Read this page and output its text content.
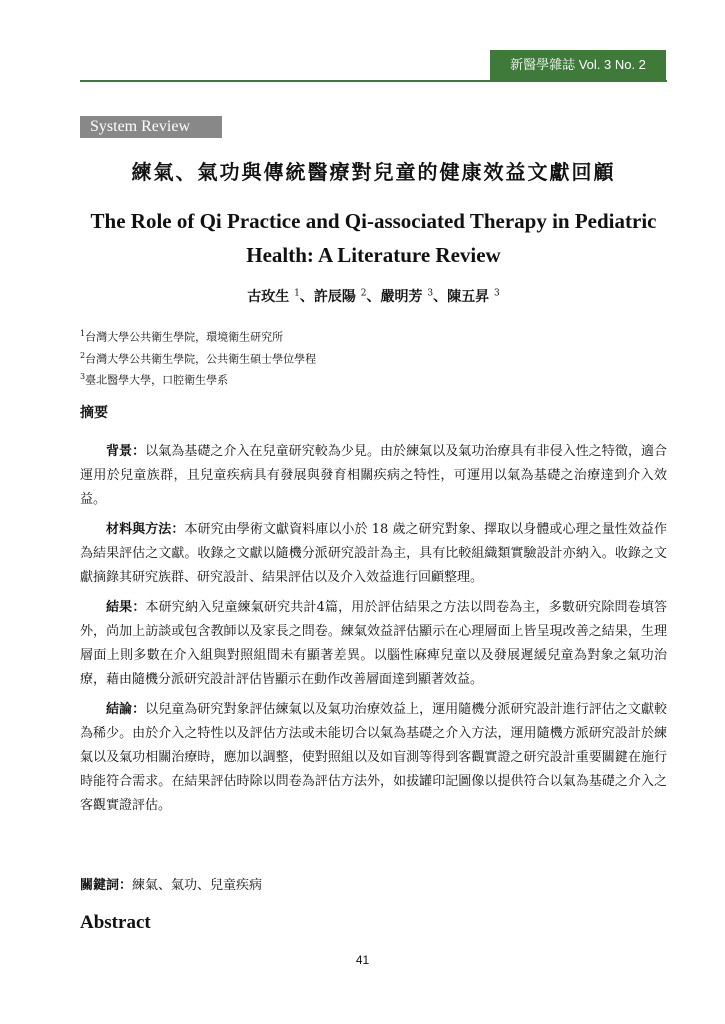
新醫學雜誌 Vol. 3 No. 2
System Review
練氣、氣功與傳統醫療對兒童的健康效益文獻回顧
The Role of Qi Practice and Qi-associated Therapy in Pediatric Health: A Literature Review
古玫生 $^1$、許辰陽 $^2$、嚴明芳 $^3$、陳五昇 $^3$
$^1$台灣大學公共衛生學院，環境衛生研究所
$^2$台灣大學公共衛生學院，公共衛生碩士學位學程
$^3$臺北醫學大學，口腔衛生學系
摘要

背景：以氣為基礎之介入在兒童研究較為少見。由於練氣以及氣功治療具有非侵入性之特徵，適合運用於兒童族群，且兒童疾病具有發展與發育相關疾病之特性，可運用以氣為基礎之治療達到介入效益。

材料與方法：本研究由學術文獻資料庫以小於 18 歲之研究對象、擇取以身體或心理之量性效益作為結果評估之文獻。收錄之文獻以隨機分派研究設計為主，具有比較組織類實驗設計亦納入。收錄之文獻摘錄其研究族群、研究設計、結果評估以及介入效益進行回顧整理。

結果：本研究納入兒童練氣研究共計4篇，用於評估結果之方法以問卷為主，多數研究除問卷填答外，尚加上訪談或包含教師以及家長之問卷。練氣效益評估顯示在心理層面上皆呈現改善之結果，生理層面上則多數在介入組與對照組間未有顯著差異。以腦性麻痺兒童以及發展遲緩兒童為對象之氣功治療，藉由隨機分派研究設計評估皆顯示在動作改善層面達到顯著效益。

結論：以兒童為研究對象評估練氣以及氣功治療效益上，運用隨機分派研究設計進行評估之文獻較為稀少。由於介入之特性以及評估方法或未能切合以氣為基礎之介入方法，運用隨機方派研究設計於練氣以及氣功相關治療時，應加以調整，使對照組以及如盲測等得到客觀實證之研究設計重要關鍵在施行時能符合需求。在結果評估時除以問卷為評估方法外，如拔罐印記圖像以提供符合以氣為基礎之介入之客觀實證評估。

關鍵詞：練氣、氣功、兒童疾病
Abstract
41
